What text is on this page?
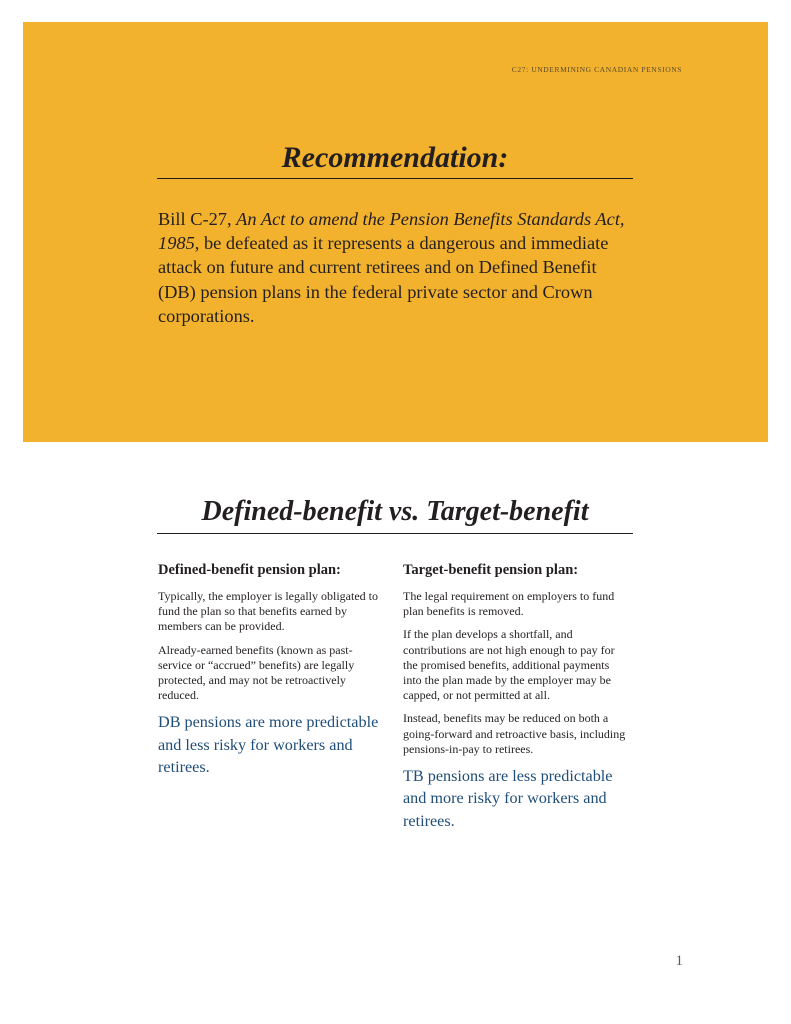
C27: UNDERMINING CANADIAN PENSIONS
Recommendation:

Bill C-27, An Act to amend the Pension Benefits Standards Act, 1985, be defeated as it represents a dangerous and immediate attack on future and current retirees and on Defined Benefit (DB) pension plans in the federal private sector and Crown corporations.

Defined-benefit vs. Target-benefit
Defined-benefit pension plan:

Typically, the employer is legally obligated to fund the plan so that benefits earned by members can be provided.

Already-earned benefits (known as past-service or “accrued” benefits) are legally protected, and may not be retroactively reduced.

DB pensions are more predictable and less risky for workers and retirees.

Target-benefit pension plan:

The legal requirement on employers to fund plan benefits is removed.

If the plan develops a shortfall, and contributions are not high enough to pay for the promised benefits, additional payments into the plan made by the employer may be capped, or not permitted at all.

Instead, benefits may be reduced on both a going-forward and retroactive basis, including pensions-in-pay to retirees.

TB pensions are less predictable and more risky for workers and retirees.

1
